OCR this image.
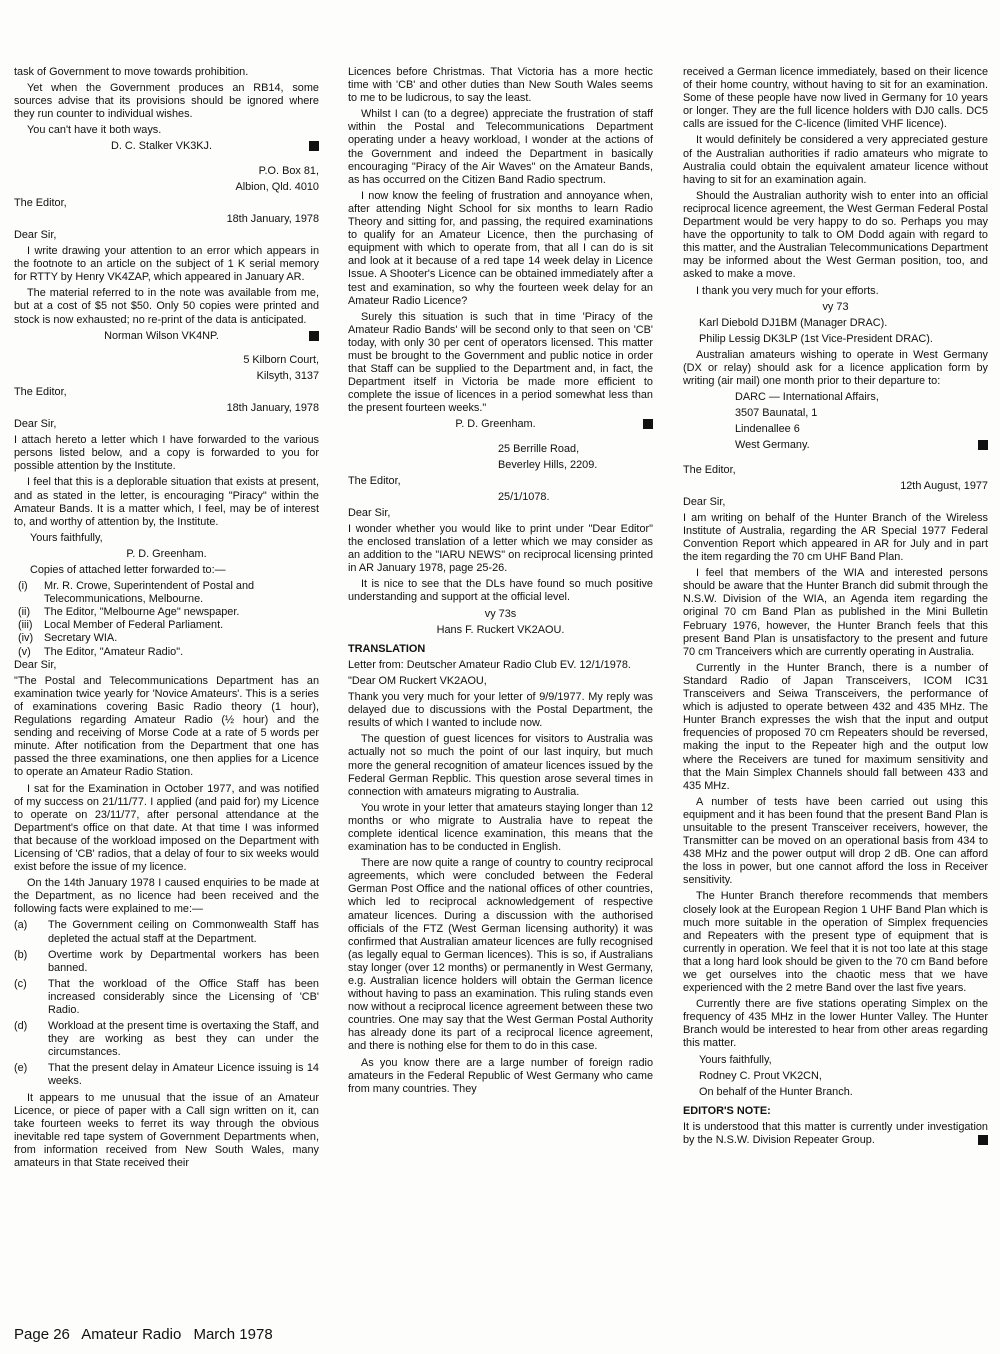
task of Government to move towards prohibition.

Yet when the Government produces an RB14, some sources advise that its provisions should be ignored where they run counter to individual wishes.

You can't have it both ways.

D. C. Stalker VK3KJ.

P.O. Box 81,

Albion, Qld. 4010

The Editor,

18th January, 1978

Dear Sir,

I write drawing your attention to an error which appears in the footnote to an article on the subject of 1 K serial memory for RTTY by Henry VK4ZAP, which appeared in January AR.

The material referred to in the note was available from me, but at a cost of $5 not $50. Only 50 copies were printed and stock is now exhausted; no re-print of the data is anticipated.

Norman Wilson VK4NP.

5 Kilborn Court,

Kilsyth, 3137

The Editor,

18th January, 1978

Dear Sir,

I attach hereto a letter which I have forwarded to the various persons listed below, and a copy is forwarded to you for possible attention by the Institute.

I feel that this is a deplorable situation that exists at present, and as stated in the letter, is encouraging "Piracy" within the Amateur Bands. It is a matter which, I feel, may be of interest to, and worthy of attention by, the Institute.

Yours faithfully,

P. D. Greenham.

Copies of attached letter forwarded to:—

(i)	Mr. R. Crowe, Superintendent of Postal and Telecommunications, Melbourne.
(ii)	The Editor, "Melbourne Age" newspaper.
(iii)	Local Member of Federal Parliament.
(iv) Secretary WIA.
(v)	The Editor, "Amateur Radio".

Dear Sir,

"The Postal and Telecommunications Department has an examination twice yearly for 'Novice Amateurs'. This is a series of examinations covering Basic Radio theory (1 hour), Regulations regarding Amateur Radio (½ hour) and the sending and receiving of Morse Code at a rate of 5 words per minute. After notification from the Department that one has passed the three examinations, one then applies for a Licence to operate an Amateur Radio Station.

I sat for the Examination in October 1977, and was notified of my success on 21/11/77. I applied (and paid for) my Licence to operate on 23/11/77, after personal attendance at the Department's office on that date. At that time I was informed that because of the workload imposed on the Department with Licensing of 'CB' radios, that a delay of four to six weeks would exist before the issue of my licence.

On the 14th January 1978 I caused enquiries to be made at the Department, as no licence had been received and the following facts were explained to me:—

(a)	The Government ceiling on Commonwealth Staff has depleted the actual staff at the Department.
(b)	Overtime work by Departmental workers has been banned.
(c)	That the workload of the Office Staff has been increased considerably since the Licensing of 'CB' Radio.
(d)	Workload at the present time is overtaxing the Staff, and they are working as best they can under the circumstances.
(e)	That the present delay in Amateur Licence issuing is 14 weeks.

It appears to me unusual that the issue of an Amateur Licence, or piece of paper with a Call sign written on it, can take fourteen weeks to ferret its way through the obvious inevitable red tape system of Government Departments when, from information received from New South Wales, many amateurs in that State received their

Licences before Christmas. That Victoria has a more hectic time with 'CB' and other duties than New South Wales seems to me to be ludicrous, to say the least.

Whilst I can (to a degree) appreciate the frustration of staff within the Postal and Telecommunications Department operating under a heavy workload, I wonder at the actions of the Government and indeed the Department in basically encouraging "Piracy of the Air Waves" on the Amateur Bands, as has occurred on the Citizen Band Radio spectrum.

I now know the feeling of frustration and annoyance when, after attending Night School for six months to learn Radio Theory and sitting for, and passing, the required examinations to qualify for an Amateur Licence, then the purchasing of equipment with which to operate from, that all I can do is sit and look at it because of a red tape 14 week delay in Licence Issue. A Shooter's Licence can be obtained immediately after a test and examination, so why the fourteen week delay for an Amateur Radio Licence?

Surely this situation is such that in time 'Piracy of the Amateur Radio Bands' will be second only to that seen on 'CB' today, with only 30 per cent of operators licensed. This matter must be brought to the Government and public notice in order that Staff can be supplied to the Department and, in fact, the Department itself in Victoria be made more efficient to complete the issue of licences in a period somewhat less than the present fourteen weeks."

P. D. Greenham.

25 Berrille Road,

Beverley Hills, 2209.

The Editor,

25/1/1078.

Dear Sir,

I wonder whether you would like to print under "Dear Editor" the enclosed translation of a letter which we may consider as an addition to the "IARU NEWS" on reciprocal licensing printed in AR January 1978, page 25-26.

It is nice to see that the DLs have found so much positive understanding and support at the official level.

vy 73s

Hans F. Ruckert VK2AOU.

TRANSLATION

Letter from: Deutscher Amateur Radio Club EV. 12/1/1978.

"Dear OM Ruckert VK2AOU,

Thank you very much for your letter of 9/9/1977. My reply was delayed due to discussions with the Postal Department, the results of which I wanted to include now.

The question of guest licences for visitors to Australia was actually not so much the point of our last inquiry, but much more the general recognition of amateur licences issued by the Federal German Repblic. This question arose several times in connection with amateurs migrating to Australia.

You wrote in your letter that amateurs staying longer than 12 months or who migrate to Australia have to repeat the complete identical licence examination, this means that the examination has to be conducted in English.

There are now quite a range of country to country reciprocal agreements, which were concluded between the Federal German Post Office and the national offices of other countries, which led to reciprocal acknowledgement of respective amateur licences. During a discussion with the authorised officials of the FTZ (West German licensing authority) it was confirmed that Australian amateur licences are fully recognised (as legally equal to German licences). This is so, if Australians stay longer (over 12 months) or permanently in West Germany, e.g. Australian licence holders will obtain the German licence without having to pass an examination. This ruling stands even now without a reciprocal licence agreement between these two countries. One may say that the West German Postal Authority has already done its part of a reciprocal licence agreement, and there is nothing else for them to do in this case.

As you know there are a large number of foreign radio amateurs in the Federal Republic of West Germany who came from many countries. They

received a German licence immediately, based on their licence of their home country, without having to sit for an examination. Some of these people have now lived in Germany for 10 years or longer. They are the full licence holders with DJ0 calls. DC5 calls are issued for the C-licence (limited VHF licence).

It would definitely be considered a very appreciated gesture of the Australian authorities if radio amateurs who migrate to Australia could obtain the equivalent amateur licence without having to sit for an examination again.

Should the Australian authority wish to enter into an official reciprocal licence agreement, the West German Federal Postal Department would be very happy to do so. Perhaps you may have the opportunity to talk to OM Dodd again with regard to this matter, and the Australian Telecommunications Department may be informed about the West German position, too, and asked to make a move.

I thank you very much for your efforts.

vy 73

Karl Diebold DJ1BM (Manager DRAC).

Philip Lessig DK3LP (1st Vice-President DRAC).

Australian amateurs wishing to operate in West Germany (DX or relay) should ask for a licence application form by writing (air mail) one month prior to their departure to:

DARC — International Affairs,

3507 Baunatal, 1

Lindenallee 6

West Germany.

The Editor,

12th August, 1977

Dear Sir,

I am writing on behalf of the Hunter Branch of the Wireless Institute of Australia, regarding the AR Special 1977 Federal Convention Report which appeared in AR for July and in part the item regarding the 70 cm UHF Band Plan.

I feel that members of the WIA and interested persons should be aware that the Hunter Branch did submit through the N.S.W. Division of the WIA, an Agenda item regarding the original 70 cm Band Plan as published in the Mini Bulletin February 1976, however, the Hunter Branch feels that this present Band Plan is unsatisfactory to the present and future 70 cm Tranceivers which are currently operating in Australia.

Currently in the Hunter Branch, there is a number of Standard Radio of Japan Transceivers, ICOM IC31 Transceivers and Seiwa Transceivers, the performance of which is adjusted to operate between 432 and 435 MHz. The Hunter Branch expresses the wish that the input and output frequencies of proposed 70 cm Repeaters should be reversed, making the input to the Repeater high and the output low where the Receivers are tuned for maximum sensitivity and that the Main Simplex Channels should fall between 433 and 435 MHz.

A number of tests have been carried out using this equipment and it has been found that the present Band Plan is unsuitable to the present Transceiver receivers, however, the Transmitter can be moved on an operational basis from 434 to 438 MHz and the power output will drop 2 dB. One can afford the loss in power, but one cannot afford the loss in Receiver sensitivity.

The Hunter Branch therefore recommends that members closely look at the European Region 1 UHF Band Plan which is much more suitable in the operation of Simplex frequencies and Repeaters with the present type of equipment that is currently in operation. We feel that it is not too late at this stage that a long hard look should be given to the 70 cm Band before we get ourselves into the chaotic mess that we have experienced with the 2 metre Band over the last five years.

Currently there are five stations operating Simplex on the frequency of 435 MHz in the lower Hunter Valley. The Hunter Branch would be interested to hear from other areas regarding this matter.

Yours faithfully,

Rodney C. Prout VK2CN,

On behalf of the Hunter Branch.

EDITOR'S NOTE:

It is understood that this matter is currently under investigation by the N.S.W. Division Repeater Group.

Page 26 Amateur Radio March 1978
